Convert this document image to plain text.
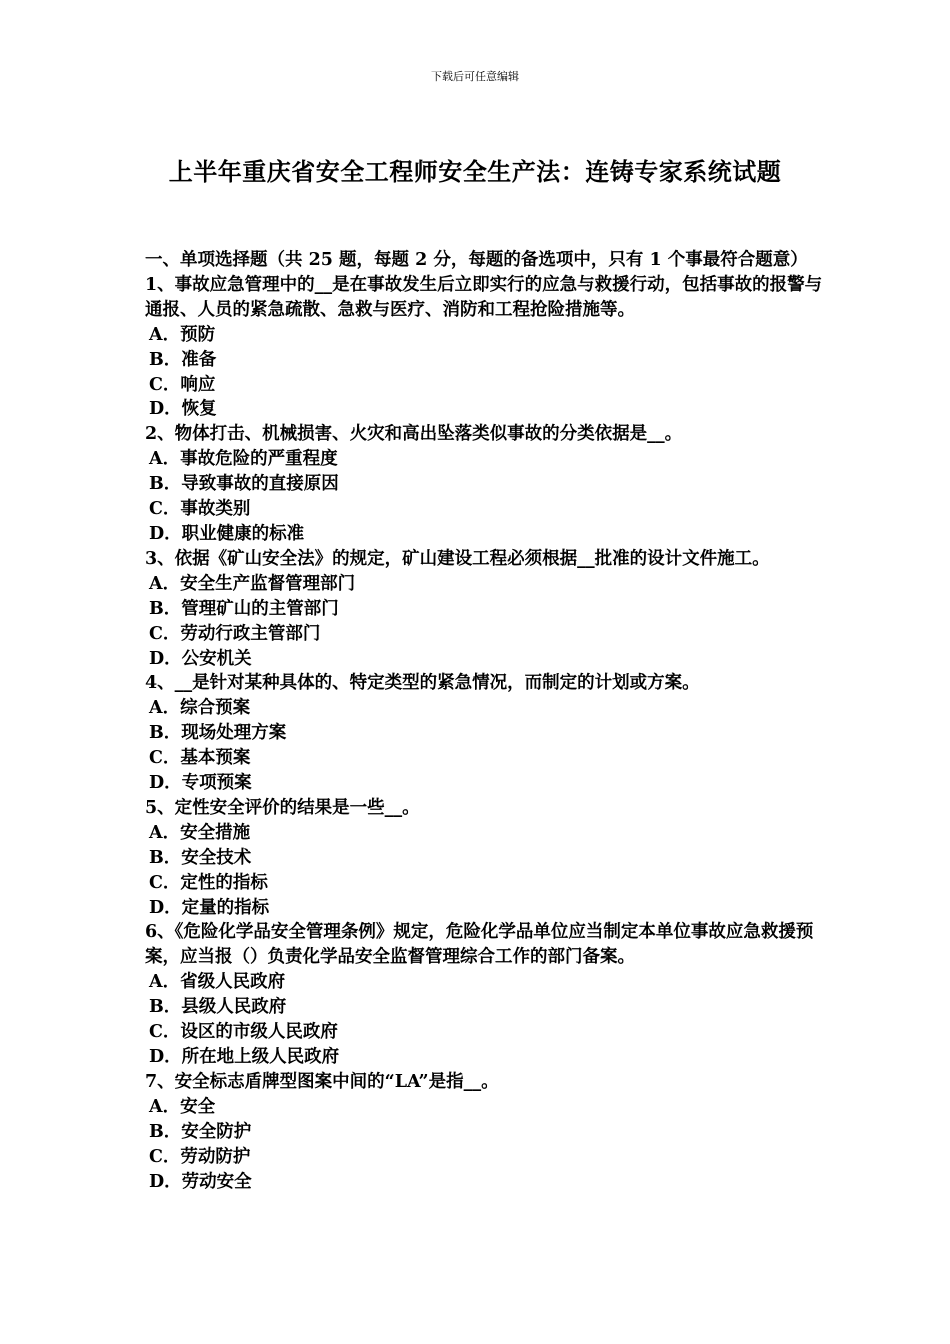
下载后可任意编辑
上半年重庆省安全工程师安全生产法：连铸专家系统试题
一、单项选择题（共 25 题，每题 2 分，每题的备选项中，只有 1 个事最符合题意）
1、事故应急管理中的__是在事故发生后立即实行的应急与救援行动，包括事故的报警与通报、人员的紧急疏散、急救与医疗、消防和工程抢险措施等。
A．预防
B．准备
C．响应
D．恢复
2、物体打击、机械损害、火灾和高出坠落类似事故的分类依据是__。
A．事故危险的严重程度
B．导致事故的直接原因
C．事故类别
D．职业健康的标准
3、依据《矿山安全法》的规定，矿山建设工程必须根据__批准的设计文件施工。
A．安全生产监督管理部门
B．管理矿山的主管部门
C．劳动行政主管部门
D．公安机关
4、__是针对某种具体的、特定类型的紧急情况，而制定的计划或方案。
A．综合预案
B．现场处理方案
C．基本预案
D．专项预案
5、定性安全评价的结果是一些__。
A．安全措施
B．安全技术
C．定性的指标
D．定量的指标
6、《危险化学品安全管理条例》规定，危险化学品单位应当制定本单位事故应急救援预案，应当报（）负责化学品安全监督管理综合工作的部门备案。
A．省级人民政府
B．县级人民政府
C．设区的市级人民政府
D．所在地上级人民政府
7、安全标志盾牌型图案中间的“LA”是指__。
A．安全
B．安全防护
C．劳动防护
D．劳动安全
